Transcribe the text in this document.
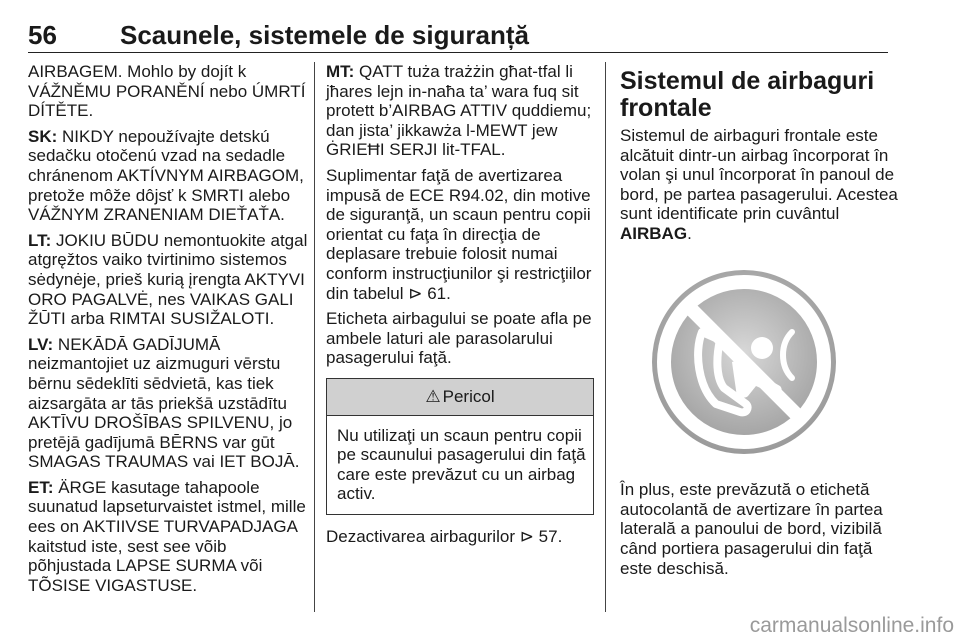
56 Scaunele, sistemele de siguranță

AIRBAGEM. Mohlo by dojít k
VÁŽNĚMU PORANĚNÍ nebo ÚMRTÍ
DÍTĚTE.

SK: NIKDY nepoužívajte detskú
sedačku otočenú vzad na sedadle
chránenom AKTÍVNYM AIRBAGOM,
pretože môže dôjsť k SMRTI alebo
VÁŽNYM ZRANENIAM DIEŤAŤA.

LT: JOKIU BŪDU nemontuokite atgal
atgręžtos vaiko tvirtinimo sistemos
sėdynėje, prieš kurią įrengta AKTYVI
ORO PAGALVĖ, nes VAIKAS GALI
ŽŪTI arba RIMTAI SUSIŽALOTI.

LV: NEKĀDĀ GADĪJUMĀ
neizmantojiet uz aizmuguri vērstu
bērnu sēdeklīti sēdvietā, kas tiek
aizsargāta ar tās priekšā uzstādītu
AKTĪVU DROŠĪBAS SPILVENU, jo
pretējā gadījumā BĒRNS var gūt
SMAGAS TRAUMAS vai IET BOJĀ.

ET: ÄRGE kasutage tahapoole
suunatud lapseturvaistet istmel, mille
ees on AKTIIVSE TURVAPADJAGA
kaitstud iste, sest see võib
põhjustada LAPSE SURMA või
TÕSISE VIGASTUSE.

MT: QATT tuża trażżin għat-tfal li
jħares lejn in-naħa ta’ wara fuq sit
protett b’AIRBAG ATTIV quddiemu;
dan jista’ jikkawża l-MEWT jew
ĠRIEĦI SERJI lit-TFAL.

Suplimentar faţă de avertizarea
impusă de ECE R94.02, din motive
de siguranţă, un scaun pentru copii
orientat cu faţa în direcţia de
deplasare trebuie folosit numai
conform instrucţiunilor şi restricţiilor
din tabelul ⊳ 61.

Eticheta airbagului se poate afla pe
ambele laturi ale parasolarului
pasagerului faţă.

⚠ Pericol
Nu utilizaţi un scaun pentru copii
pe scaunului pasagerului din faţă
care este prevăzut cu un airbag
activ.

Dezactivarea airbagurilor ⊳ 57.

Sistemul de airbaguri
frontale

Sistemul de airbaguri frontale este
alcătuit dintr-un airbag încorporat în
volan şi unul încorporat în panoul de
bord, pe partea pasagerului. Acestea
sunt identificate prin cuvântul
AIRBAG.

În plus, este prevăzută o etichetă
autocolantă de avertizare în partea
laterală a panoului de bord, vizibilă
când portiera pasagerului din faţă
este deschisă.

carmanualsonline.info
